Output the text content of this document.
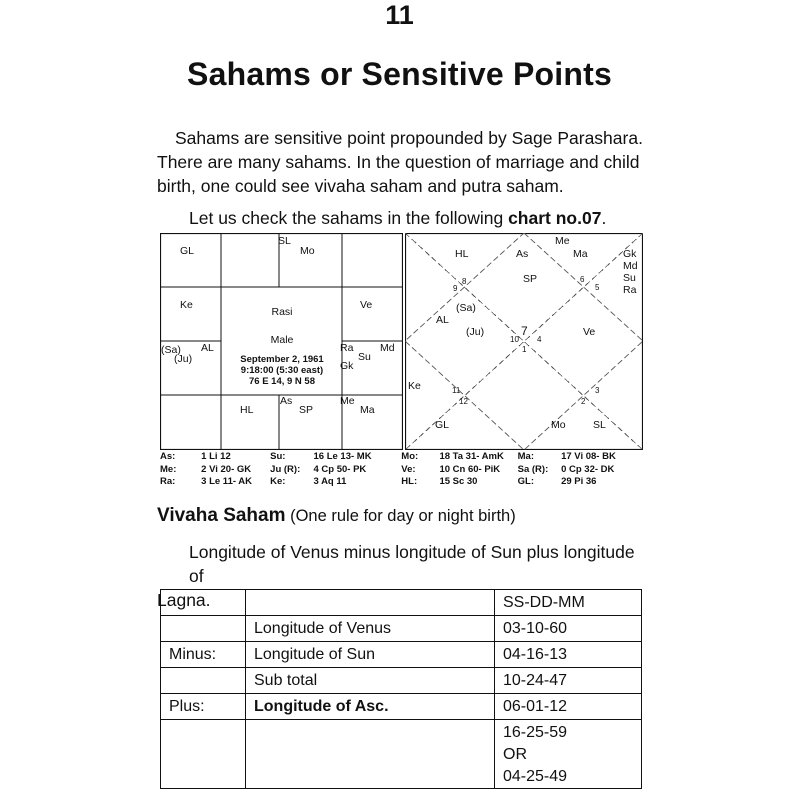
11
Sahams or Sensitive Points
Sahams are sensitive point propounded by Sage Parashara.
There are many sahams. In the question of marriage and child
birth, one could see vivaha saham and putra saham.
Let us check the sahams in the following chart no.07.
GL
SL
Mo
Ke	Ve
(Sa) AL
(Ju)
Ra	Md
Su
Gk
HL
As
SP
Me
Ma
Rasi
Male
September 2, 1961
9:18:00 (5:30 east)
76 E 14, 9 N 58
HL	As
Me
Ma	Gk
Md
Su
Ra
SP
(Sa)
AL
(Ju)	Ve
Ke
GL	Mo	SL
7
8
9
6
5
10 4
1
11
12	2
3
As:	1 Li 12	Su:	16 Le 13- MK	Mo:	18 Ta 31- AmK	Ma:	17 Vi 08- BK
Me:	2 Vi 20- GK	Ju (R):	4 Cp 50- PK	Ve:	10 Cn 60- PiK	Sa (R):	0 Cp 32- DK
Ra:	3 Le 11- AK	Ke:	3 Aq 11	HL:	15 Sc 30	GL:	29 Pi 36
Vivaha Saham (One rule for day or night birth)
Longitude of Venus minus longitude of Sun plus longitude of
Lagna.
			SS-DD-MM
	Longitude of Venus	03-10-60
Minus:	Longitude of Sun	04-16-13
	Sub total	10-24-47
Plus:	Longitude of Asc.	06-01-12

		16-25-59
OR
04-25-49
